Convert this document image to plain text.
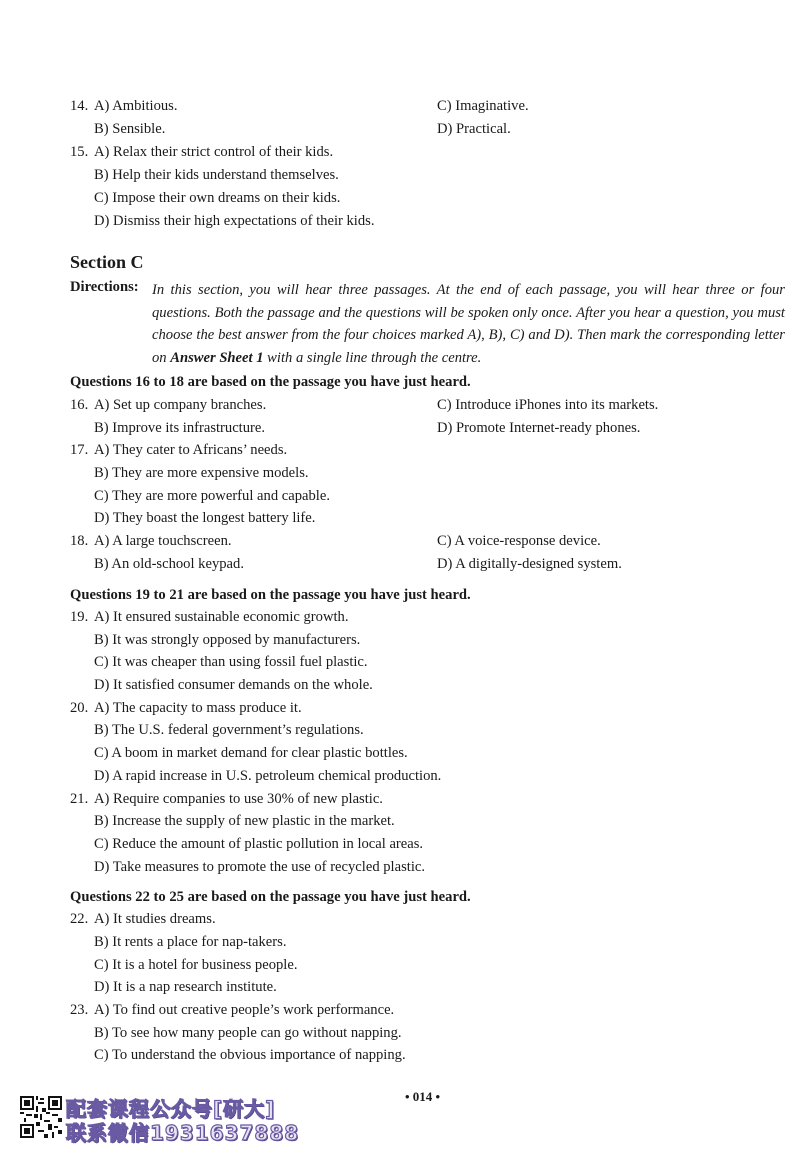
14. A) Ambitious.	C) Imaginative.
B) Sensible.	D) Practical.
15. A) Relax their strict control of their kids.
B) Help their kids understand themselves.
C) Impose their own dreams on their kids.
D) Dismiss their high expectations of their kids.
Section C
Directions: In this section, you will hear three passages. At the end of each passage, you will hear three or four questions. Both the passage and the questions will be spoken only once. After you hear a question, you must choose the best answer from the four choices marked A), B), C) and D). Then mark the corresponding letter on Answer Sheet 1 with a single line through the centre.
Questions 16 to 18 are based on the passage you have just heard.
16. A) Set up company branches.	C) Introduce iPhones into its markets.
B) Improve its infrastructure.	D) Promote Internet-ready phones.
17. A) They cater to Africans’ needs.
B) They are more expensive models.
C) They are more powerful and capable.
D) They boast the longest battery life.
18. A) A large touchscreen.	C) A voice-response device.
B) An old-school keypad.	D) A digitally-designed system.
Questions 19 to 21 are based on the passage you have just heard.
19. A) It ensured sustainable economic growth.
B) It was strongly opposed by manufacturers.
C) It was cheaper than using fossil fuel plastic.
D) It satisfied consumer demands on the whole.
20. A) The capacity to mass produce it.
B) The U.S. federal government’s regulations.
C) A boom in market demand for clear plastic bottles.
D) A rapid increase in U.S. petroleum chemical production.
21. A) Require companies to use 30% of new plastic.
B) Increase the supply of new plastic in the market.
C) Reduce the amount of plastic pollution in local areas.
D) Take measures to promote the use of recycled plastic.
Questions 22 to 25 are based on the passage you have just heard.
22. A) It studies dreams.
B) It rents a place for nap-takers.
C) It is a hotel for business people.
D) It is a nap research institute.
23. A) To find out creative people’s work performance.
B) To see how many people can go without napping.
C) To understand the obvious importance of napping.
• 014 •
配套课程公众号[研大]
联系微信1931637888
